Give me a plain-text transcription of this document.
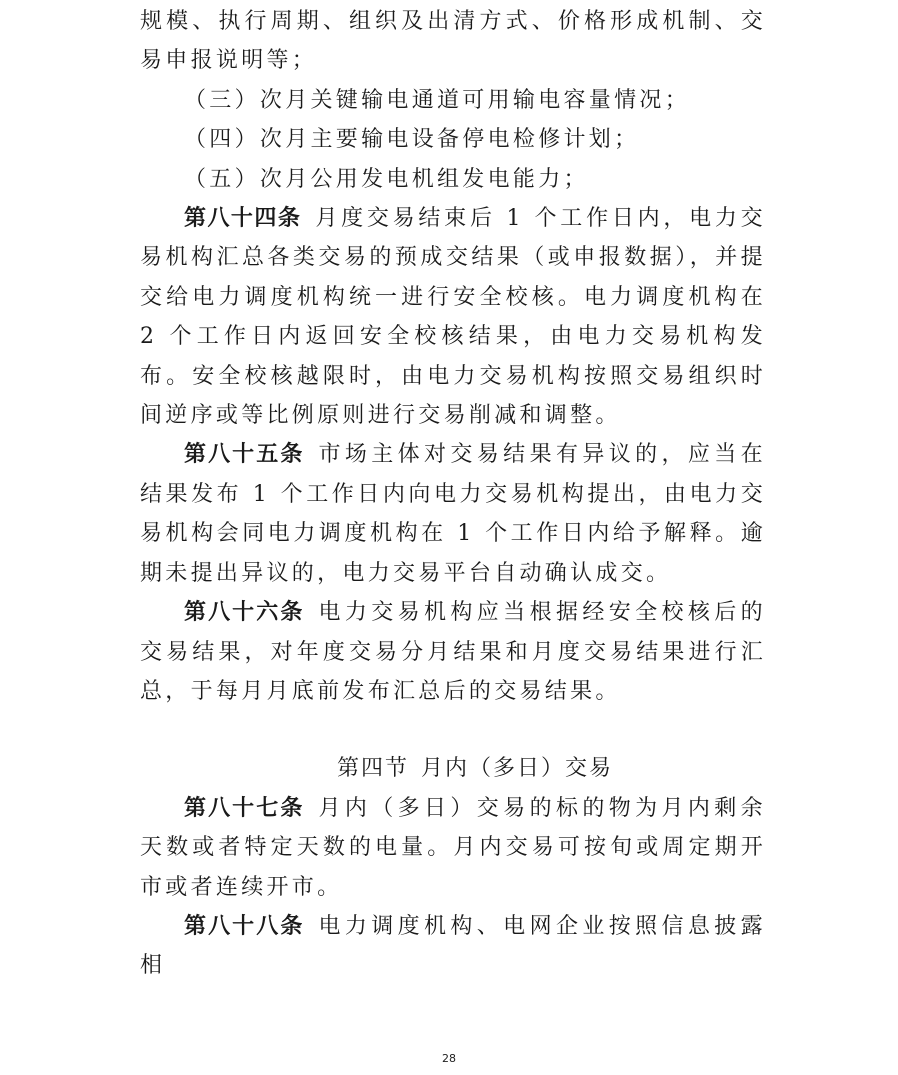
规模、执行周期、组织及出清方式、价格形成机制、交易申报说明等；

（三）次月关键输电通道可用输电容量情况；

（四）次月主要输电设备停电检修计划；

（五）次月公用发电机组发电能力；

第八十四条 月度交易结束后 1 个工作日内，电力交易机构汇总各类交易的预成交结果（或申报数据），并提交给电力调度机构统一进行安全校核。电力调度机构在 2 个工作日内返回安全校核结果，由电力交易机构发布。安全校核越限时，由电力交易机构按照交易组织时间逆序或等比例原则进行交易削减和调整。

第八十五条 市场主体对交易结果有异议的，应当在结果发布 1 个工作日内向电力交易机构提出，由电力交易机构会同电力调度机构在 1 个工作日内给予解释。逾期未提出异议的，电力交易平台自动确认成交。

第八十六条 电力交易机构应当根据经安全校核后的交易结果，对年度交易分月结果和月度交易结果进行汇总，于每月月底前发布汇总后的交易结果。

第四节 月内（多日）交易

第八十七条 月内（多日）交易的标的物为月内剩余天数或者特定天数的电量。月内交易可按旬或周定期开市或者连续开市。

第八十八条 电力调度机构、电网企业按照信息披露相

28
